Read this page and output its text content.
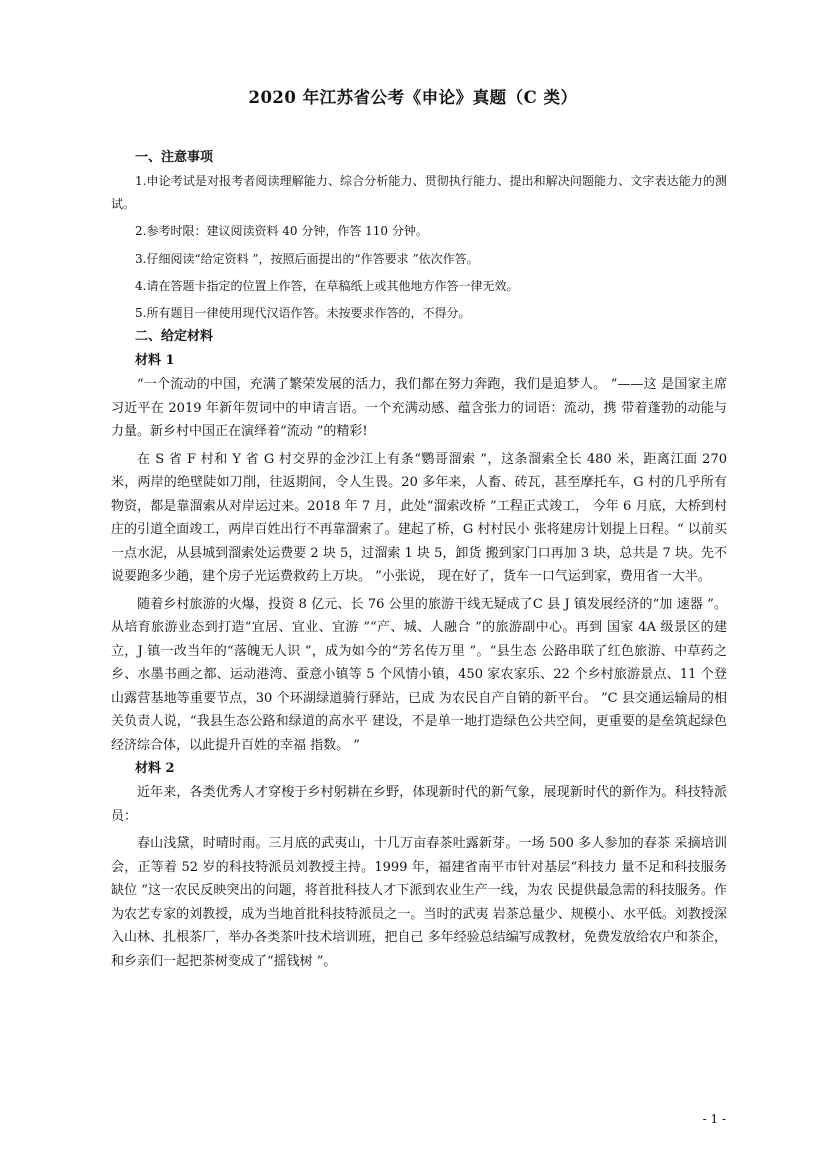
2020 年江苏省公考《申论》真题（C 类）

一、注意事项

1.申论考试是对报考者阅读理解能力、综合分析能力、贯彻执行能力、提出和解决问题能力、文字表达能力的测试。

2.参考时限：建议阅读资料 40 分钟，作答 110 分钟。

3.仔细阅读“给定资料 ”，按照后面提出的“作答要求 ”依次作答。

4.请在答题卡指定的位置上作答，在草稿纸上或其他地方作答一律无效。

5.所有题目一律使用现代汉语作答。未按要求作答的，不得分。

二、给定材料

材料 1

“一个流动的中国，充满了繁荣发展的活力，我们都在努力奔跑，我们是追梦人。 ”——这 是国家主席习近平在 2019 年新年贺词中的申请言语。一个充满动感、蕴含张力的词语：流动，携 带着蓬勃的动能与力量。新乡村中国正在演绎着“流动 ”的精彩!

在 S 省 F 村和 Y 省 G 村交界的金沙江上有条“鹦哥溜索 ”，这条溜索全长 480 米，距离江面 270 米，两岸的绝壁陡如刀削，往返期间，令人生畏。20 多年来，人畜、砖瓦，甚至摩托车，G 村的几乎所有物资，都是靠溜索从对岸运过来。2018 年 7 月，此处“溜索改桥 ”工程正式竣工， 今年 6 月底，大桥到村庄的引道全面竣工，两岸百姓出行不再靠溜索了。建起了桥，G 村村民小 张将建房计划提上日程。“ 以前买一点水泥，从县城到溜索处运费要 2 块 5，过溜索 1 块 5，卸货 搬到家门口再加 3 块，总共是 7 块。先不说要跑多少趟，建个房子光运费救药上万块。 ”小张说， 现在好了，货车一口气运到家，费用省一大半。

随着乡村旅游的火爆，投资 8 亿元、长 76 公里的旅游干线无疑成了C 县 J 镇发展经济的“加 速器 ”。从培育旅游业态到打造“宜居、宜业、宜游 ”“产、城、人融合 ”的旅游副中心。再到 国家 4A 级景区的建立，J 镇一改当年的“落魄无人识 ”，成为如今的“芳名传万里 ”。“县生态 公路串联了红色旅游、中草药之乡、水墨书画之都、运动港湾、蚕意小镇等 5 个风情小镇，450 家农家乐、22 个乡村旅游景点、11 个登山露营基地等重要节点，30 个环湖绿道骑行驿站，已成 为农民自产自销的新平台。 ”C 县交通运输局的相关负责人说，“我县生态公路和绿道的高水平 建设，不是单一地打造绿色公共空间，更重要的是垒筑起绿色经济综合体，以此提升百姓的幸福 指数。 ”

材料 2

近年来，各类优秀人才穿梭于乡村躬耕在乡野，体现新时代的新气象，展现新时代的新作为。科技特派员：

春山浅黛，时晴时雨。三月底的武夷山，十几万亩春茶吐露新芽。一场 500 多人参加的春茶 采摘培训会，正等着 52 岁的科技特派员刘教授主持。1999 年，福建省南平市针对基层“科技力 量不足和科技服务缺位 ”这一农民反映突出的问题，将首批科技人才下派到农业生产一线，为农 民提供最急需的科技服务。作为农艺专家的刘教授，成为当地首批科技特派员之一。当时的武夷 岩茶总量少、规模小、水平低。刘教授深入山林、扎根茶厂，举办各类茶叶技术培训班，把自己 多年经验总结编写成教材，免费发放给农户和茶企，和乡亲们一起把茶树变成了“摇钱树 ”。

- 1 -
